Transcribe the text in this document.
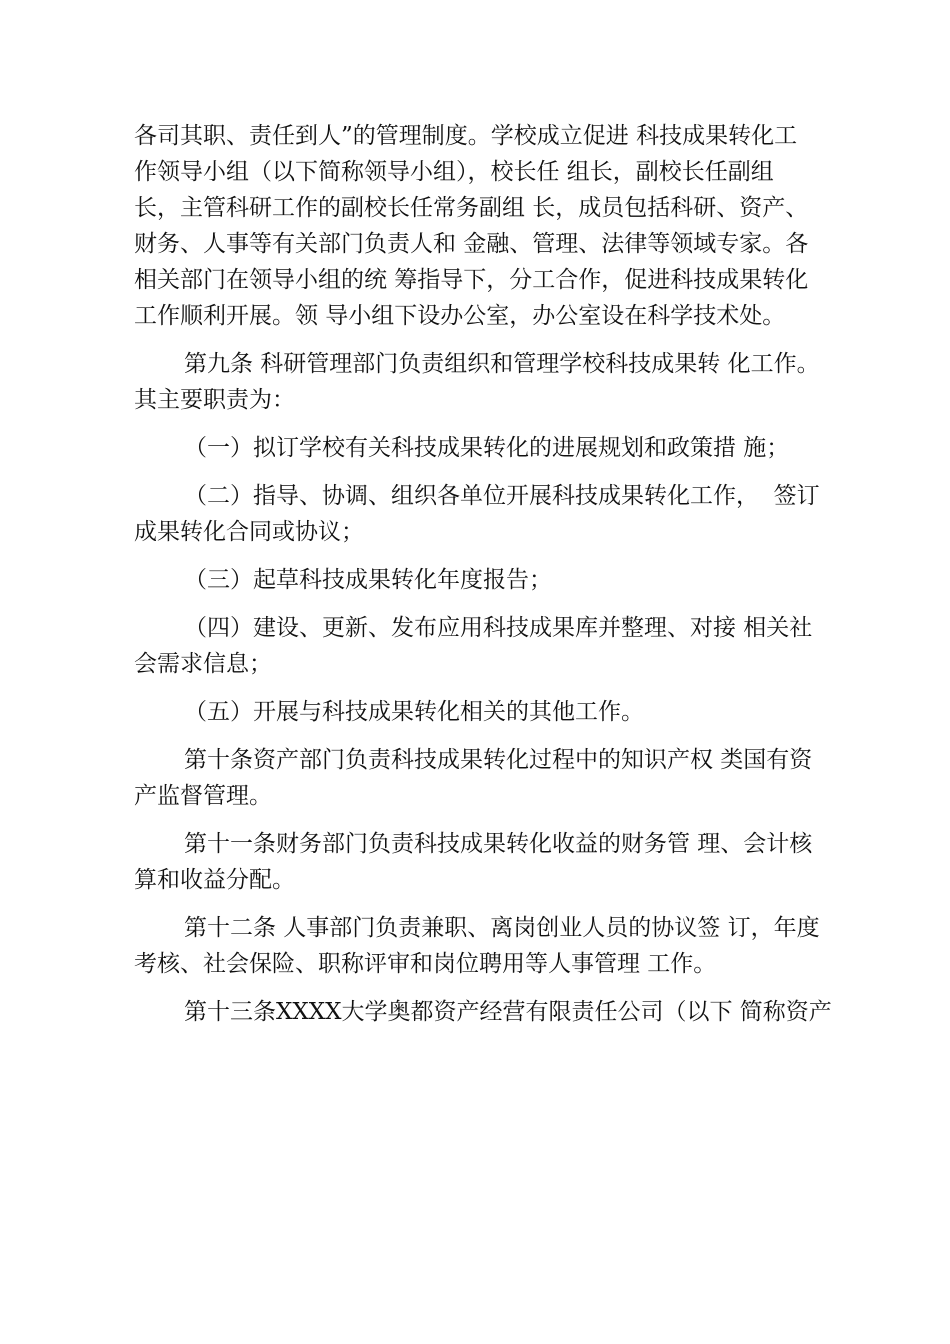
各司其职、责任到人”的管理制度。学校成立促进 科技成果转化工
作领导小组（以下简称领导小组），校长任 组长，副校长任副组
长，主管科研工作的副校长任常务副组 长，成员包括科研、资产、
财务、人事等有关部门负责人和 金融、管理、法律等领域专家。各
相关部门在领导小组的统 筹指导下，分工合作，促进科技成果转化
工作顺利开展。领 导小组下设办公室，办公室设在科学技术处。
第九条 科研管理部门负责组织和管理学校科技成果转 化工作。
其主要职责为：
（一）拟订学校有关科技成果转化的进展规划和政策措 施；
（二）指导、协调、组织各单位开展科技成果转化工作，  签订
成果转化合同或协议；
（三）起草科技成果转化年度报告；
（四）建设、更新、发布应用科技成果库并整理、对接 相关社
会需求信息；
（五）开展与科技成果转化相关的其他工作。
第十条资产部门负责科技成果转化过程中的知识产权 类国有资
产监督管理。
第十一条财务部门负责科技成果转化收益的财务管 理、会计核
算和收益分配。
第十二条 人事部门负责兼职、离岗创业人员的协议签 订，年度
考核、社会保险、职称评审和岗位聘用等人事管理 工作。
第十三条XXXX大学奥都资产经营有限责任公司（以下 简称资产
